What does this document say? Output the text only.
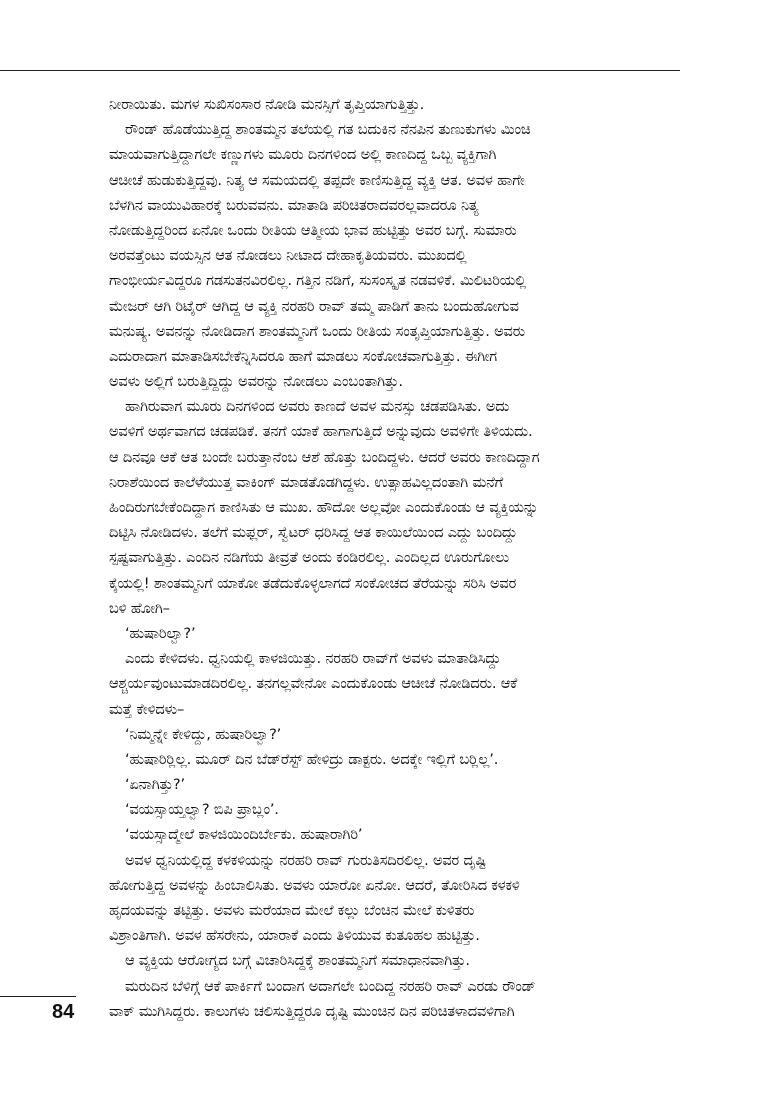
ನೀರಾಯಿತು. ಮಗಳ ಸುಖಿಸಂಸಾರ ನೋಡಿ ಮನಸ್ಸಿಗೆ ತೃಪ್ತಿಯಾಗುತ್ತಿತ್ತು.
ರೌಂಡ್ ಹೊಡೆಯುತ್ತಿದ್ದ ಶಾಂತಮ್ಮನ ತಲೆಯಲ್ಲಿ ಗತ ಬದುಕಿನ ನೆನಪಿನ ತುಣುಕುಗಳು ಮಿಂಚಿ
ಮಾಯವಾಗುತ್ತಿದ್ದಾಗಲೇ ಕಣ್ಣುಗಳು ಮೂರು ದಿನಗಳಿಂದ ಅಲ್ಲಿ ಕಾಣದಿದ್ದ ಒಬ್ಬ ವ್ಯಕ್ತಿಗಾಗಿ
ಆಚೀಚೆ ಹುಡುಕುತ್ತಿದ್ದವು. ನಿತ್ಯ ಆ ಸಮಯದಲ್ಲಿ ತಪ್ಪದೇ ಕಾಣಿಸುತ್ತಿದ್ದ ವ್ಯಕ್ತಿ ಆತ. ಅವಳ ಹಾಗೇ
ಬೆಳಗಿನ ವಾಯುವಿಹಾರಕ್ಕೆ ಬರುವವನು. ಮಾತಾಡಿ ಪರಿಚಿತರಾದವರಲ್ಲವಾದರೂ ನಿತ್ಯ
ನೋಡುತ್ತಿದ್ದರಿಂದ ಏನೋ ಒಂದು ರೀತಿಯ ಆತ್ಮೀಯ ಭಾವ ಹುಟ್ಟಿತ್ತು ಅವರ ಬಗ್ಗೆ. ಸುಮಾರು
ಅರವತ್ತೆಂಟು ವಯಸ್ಸಿನ ಆತ ನೋಡಲು ನೀಟಾದ ದೇಹಾಕೃತಿಯವರು. ಮುಖದಲ್ಲಿ
ಗಾಂಭೀರ್ಯವಿದ್ದರೂ ಗಡಸುತನವಿರಲಿಲ್ಲ. ಗತ್ತಿನ ನಡಿಗೆ, ಸುಸಂಸ್ಕೃತ ನಡವಳಿಕೆ. ಮಿಲಿಟರಿಯಲ್ಲಿ
ಮೇಜರ್ ಆಗಿ ರಿಟೈರ್ ಆಗಿದ್ದ ಆ ವ್ಯಕ್ತಿ ನರಹರಿ ರಾವ್ ತಮ್ಮ ಪಾಡಿಗೆ ತಾನು ಬಂದುಹೋಗುವ
ಮನುಷ್ಯ. ಅವನನ್ನು ನೋಡಿದಾಗ ಶಾಂತಮ್ಮನಿಗೆ ಒಂದು ರೀತಿಯ ಸಂತೃಪ್ತಿಯಾಗುತ್ತಿತ್ತು. ಅವರು
ಎದುರಾದಾಗ ಮಾತಾಡಿಸಬೇಕೆನ್ನಿಸಿದರೂ ಹಾಗೆ ಮಾಡಲು ಸಂಕೋಚವಾಗುತ್ತಿತ್ತು. ಈಗೀಗ
ಅವಳು ಅಲ್ಲಿಗೆ ಬರುತ್ತಿದ್ದಿದ್ದು ಅವರನ್ನು ನೋಡಲು ಎಂಬಂತಾಗಿತ್ತು.
ಹಾಗಿರುವಾಗ ಮೂರು ದಿನಗಳಿಂದ ಅವರು ಕಾಣದೆ ಅವಳ ಮನಸ್ಸು ಚಡಪಡಿಸಿತು. ಅದು
ಅವಳಿಗೆ ಅರ್ಥವಾಗದ ಚಡಪಡಿಕೆ. ತನಗೆ ಯಾಕೆ ಹಾಗಾಗುತ್ತಿದೆ ಅನ್ನುವುದು ಅವಳಿಗೇ ತಿಳಿಯದು.
ಆ ದಿನವೂ ಆಕೆ ಆತ ಬಂದೇ ಬರುತ್ತಾನೆಂಬ ಆಶೆ ಹೊತ್ತು ಬಂದಿದ್ದಳು. ಆದರೆ ಅವರು ಕಾಣದಿದ್ದಾಗ
ನಿರಾಶೆಯಿಂದ ಕಾಲೆಳೆಯುತ್ತ ವಾಕಿಂಗ್ ಮಾಡತೊಡಗಿದ್ದಳು. ಉತ್ಸಾಹವಿಲ್ಲದಂತಾಗಿ ಮನೆಗೆ
ಹಿಂದಿರುಗಬೇಕೆಂದಿದ್ದಾಗ ಕಾಣಿಸಿತು ಆ ಮುಖ. ಹೌದೋ ಅಲ್ಲವೋ ಎಂದುಕೊಂಡು ಆ ವ್ಯಕ್ತಿಯನ್ನು
ದಿಟ್ಟಿಸಿ ನೋಡಿದಳು. ತಲೆಗೆ ಮಫ್ಲರ್, ಸ್ವೆಟರ್ ಧರಿಸಿದ್ದ ಆತ ಕಾಯಿಲೆಯಿಂದ ಎದ್ದು ಬಂದಿದ್ದು
ಸ್ಪಷ್ಟವಾಗುತ್ತಿತ್ತು. ಎಂದಿನ ನಡಿಗೆಯ ತೀವ್ರತೆ ಅಂದು ಕಂಡಿರಲಿಲ್ಲ. ಎಂದಿಲ್ಲದ ಊರುಗೋಲು
ಕೈಯಲ್ಲಿ! ಶಾಂತಮ್ಮನಿಗೆ ಯಾಕೋ ತಡೆದುಕೊಳ್ಳಲಾಗದೆ ಸಂಕೋಚದ ತೆರೆಯನ್ನು ಸರಿಸಿ ಅವರ
ಬಳಿ ಹೋಗಿ–
‘ಹುಷಾರಿಲ್ವಾ?’
ಎಂದು ಕೇಳಿದಳು. ಧ್ವನಿಯಲ್ಲಿ ಕಾಳಜಿಯಿತ್ತು. ನರಹರಿ ರಾವ್‌ಗೆ ಅವಳು ಮಾತಾಡಿಸಿದ್ದು
ಆಶ್ಚರ್ಯವುಂಟುಮಾಡದಿರಲಿಲ್ಲ. ತನಗಲ್ಲವೇನೋ ಎಂದುಕೊಂಡು ಆಚೀಚೆ ನೋಡಿದರು. ಆಕೆ
ಮತ್ತೆ ಕೇಳಿದಳು–
‘ನಿಮ್ಮನ್ನೇ ಕೇಳಿದ್ದು, ಹುಷಾರಿಲ್ವಾ?’
‘ಹುಷಾರಿರ್‍ಲಿಲ್ಲ. ಮೂರ್ ದಿನ ಬೆಡ್‌ರೆಸ್ಟ್ ಹೇಳಿದ್ರು ಡಾಕ್ಟರು. ಅದಕ್ಕೇ ಇಲ್ಲಿಗೆ ಬರ್‍ಲಿಲ್ಲ’.
‘ಏನಾಗಿತ್ತು?’
‘ವಯಸ್ಸಾಯ್ತಲ್ವಾ? ಬಿಪಿ ಪ್ರಾಬ್ಲಂ’.
‘ವಯಸ್ಸಾದ್ಮೇಲೆ ಕಾಳಜಿಯಿಂದಿರ್ಬೇಕು. ಹುಷಾರಾಗಿರಿ’
ಅವಳ ಧ್ವನಿಯಲ್ಲಿದ್ದ ಕಳಕಳಿಯನ್ನು ನರಹರಿ ರಾವ್ ಗುರುತಿಸದಿರಲಿಲ್ಲ. ಅವರ ದೃಷ್ಟಿ
ಹೋಗುತ್ತಿದ್ದ ಅವಳನ್ನು ಹಿಂಬಾಲಿಸಿತು. ಅವಳು ಯಾರೋ ಏನೋ. ಆದರೆ, ತೋರಿಸಿದ ಕಳಕಳಿ
ಹೃದಯವನ್ನು ತಟ್ಟಿತ್ತು. ಅವಳು ಮರೆಯಾದ ಮೇಲೆ ಕಲ್ಲು ಬೆಂಚಿನ ಮೇಲೆ ಕುಳಿತರು
ವಿಶ್ರಾಂತಿಗಾಗಿ. ಅವಳ ಹೆಸರೇನು, ಯಾರಾಕೆ ಎಂದು ತಿಳಿಯುವ ಕುತೂಹಲ ಹುಟ್ಟಿತ್ತು.
ಆ ವ್ಯಕ್ತಿಯ ಆರೋಗ್ಯದ ಬಗ್ಗೆ ವಿಚಾರಿಸಿದ್ದಕ್ಕೆ ಶಾಂತಮ್ಮನಿಗೆ ಸಮಾಧಾನವಾಗಿತ್ತು.
ಮರುದಿನ ಬೆಳಿಗ್ಗೆ ಆಕೆ ಪಾರ್ಕಿಗೆ ಬಂದಾಗ ಅದಾಗಲೇ ಬಂದಿದ್ದ ನರಹರಿ ರಾವ್ ಎರಡು ರೌಂಡ್
ವಾಕ್ ಮುಗಿಸಿದ್ದರು. ಕಾಲುಗಳು ಚಲಿಸುತ್ತಿದ್ದರೂ ದೃಷ್ಟಿ ಮುಂಚಿನ ದಿನ ಪರಿಚಿತಳಾದವಳಿಗಾಗಿ
84
